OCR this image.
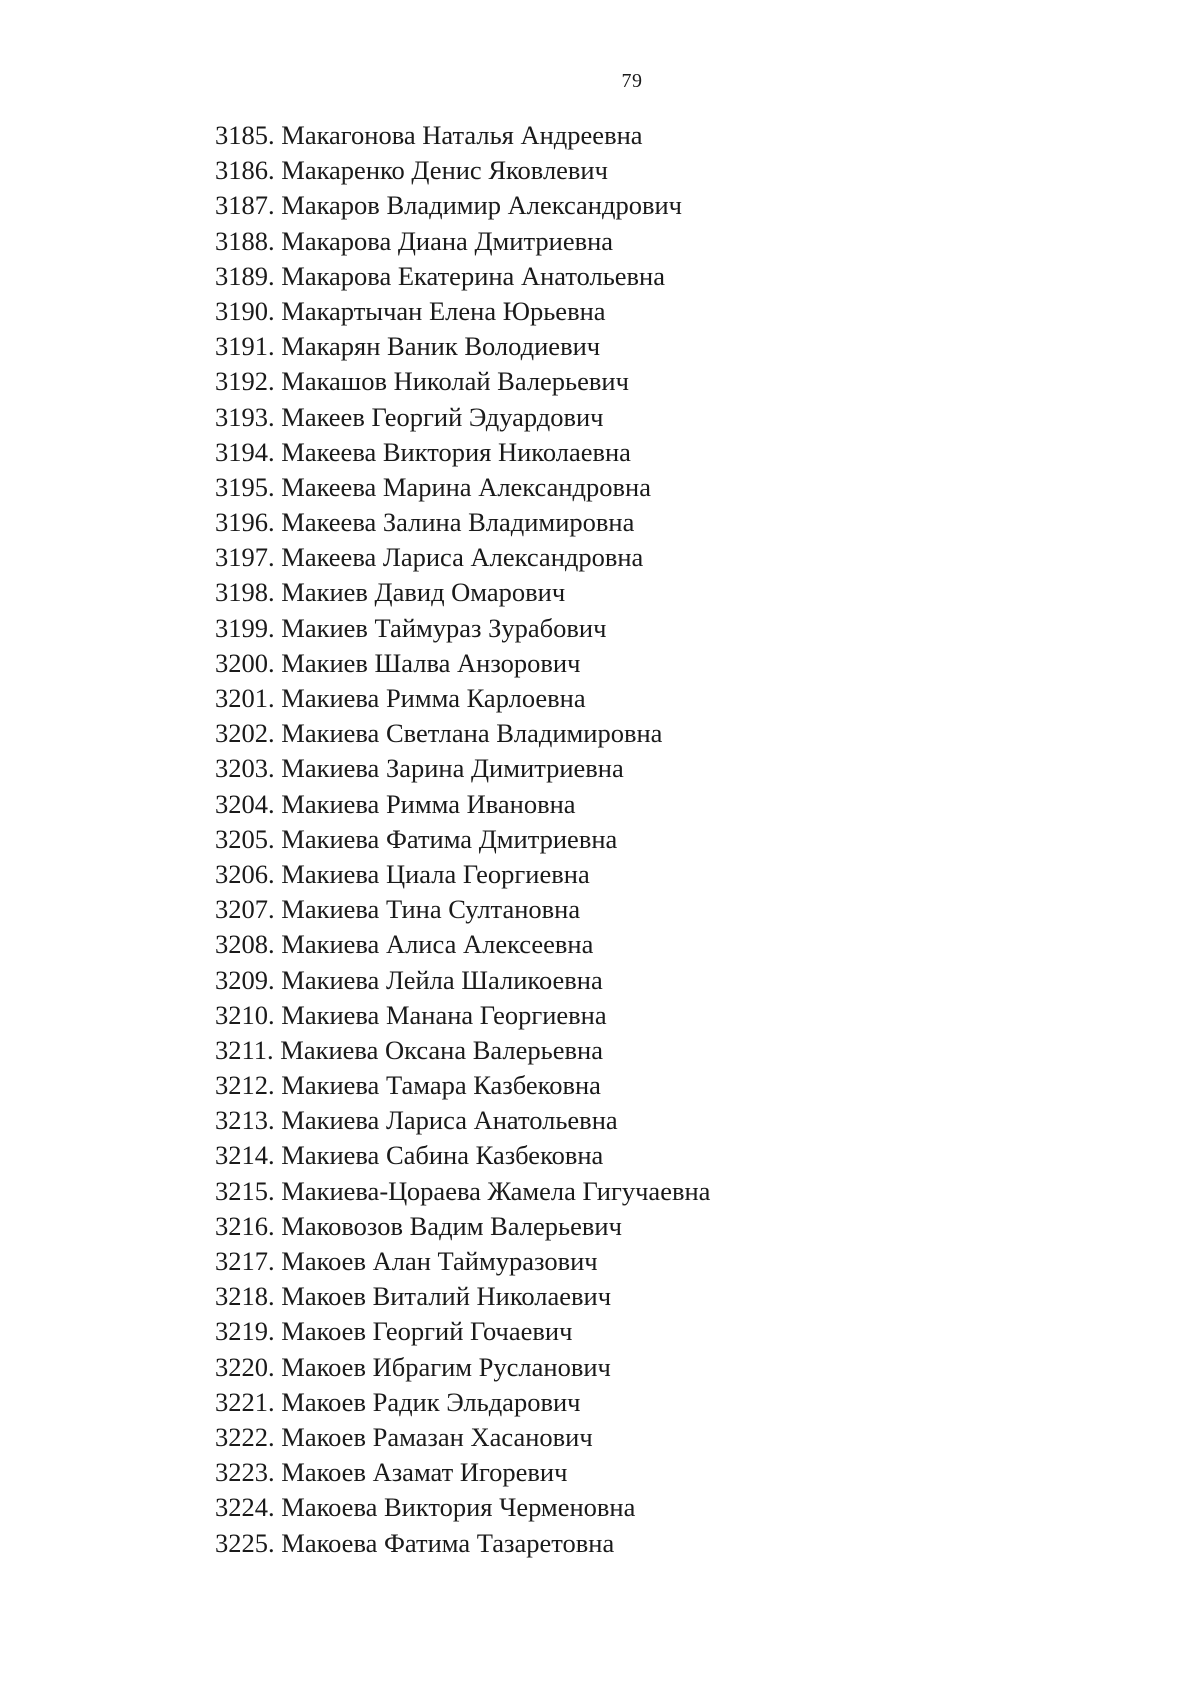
79
3185. Макагонова Наталья Андреевна
3186. Макаренко Денис Яковлевич
3187. Макаров Владимир Александрович
3188. Макарова Диана Дмитриевна
3189. Макарова Екатерина Анатольевна
3190. Макартычан Елена Юрьевна
3191. Макарян Ваник Володиевич
3192. Макашов Николай Валерьевич
3193. Макеев Георгий Эдуардович
3194. Макеева Виктория Николаевна
3195. Макеева Марина Александровна
3196. Макеева Залина Владимировна
3197. Макеева Лариса Александровна
3198. Макиев Давид Омарович
3199. Макиев Таймураз Зурабович
3200. Макиев Шалва Анзорович
3201. Макиева Римма Карлоевна
3202. Макиева Светлана Владимировна
3203. Макиева Зарина Димитриевна
3204. Макиева Римма Ивановна
3205. Макиева Фатима Дмитриевна
3206. Макиева Циала Георгиевна
3207. Макиева Тина Султановна
3208. Макиева Алиса Алексеевна
3209. Макиева Лейла Шаликоевна
3210. Макиева Манана Георгиевна
3211. Макиева Оксана Валерьевна
3212. Макиева Тамара Казбековна
3213. Макиева Лариса Анатольевна
3214. Макиева Сабина Казбековна
3215. Макиева-Цораева Жамела Гигучаевна
3216. Маковозов Вадим Валерьевич
3217. Макоев Алан Таймуразович
3218. Макоев Виталий Николаевич
3219. Макоев Георгий Гочаевич
3220. Макоев Ибрагим Русланович
3221. Макоев Радик Эльдарович
3222. Макоев Рамазан Хасанович
3223. Макоев Азамат Игоревич
3224. Макоева Виктория Черменовна
3225. Макоева Фатима Тазаретовна
